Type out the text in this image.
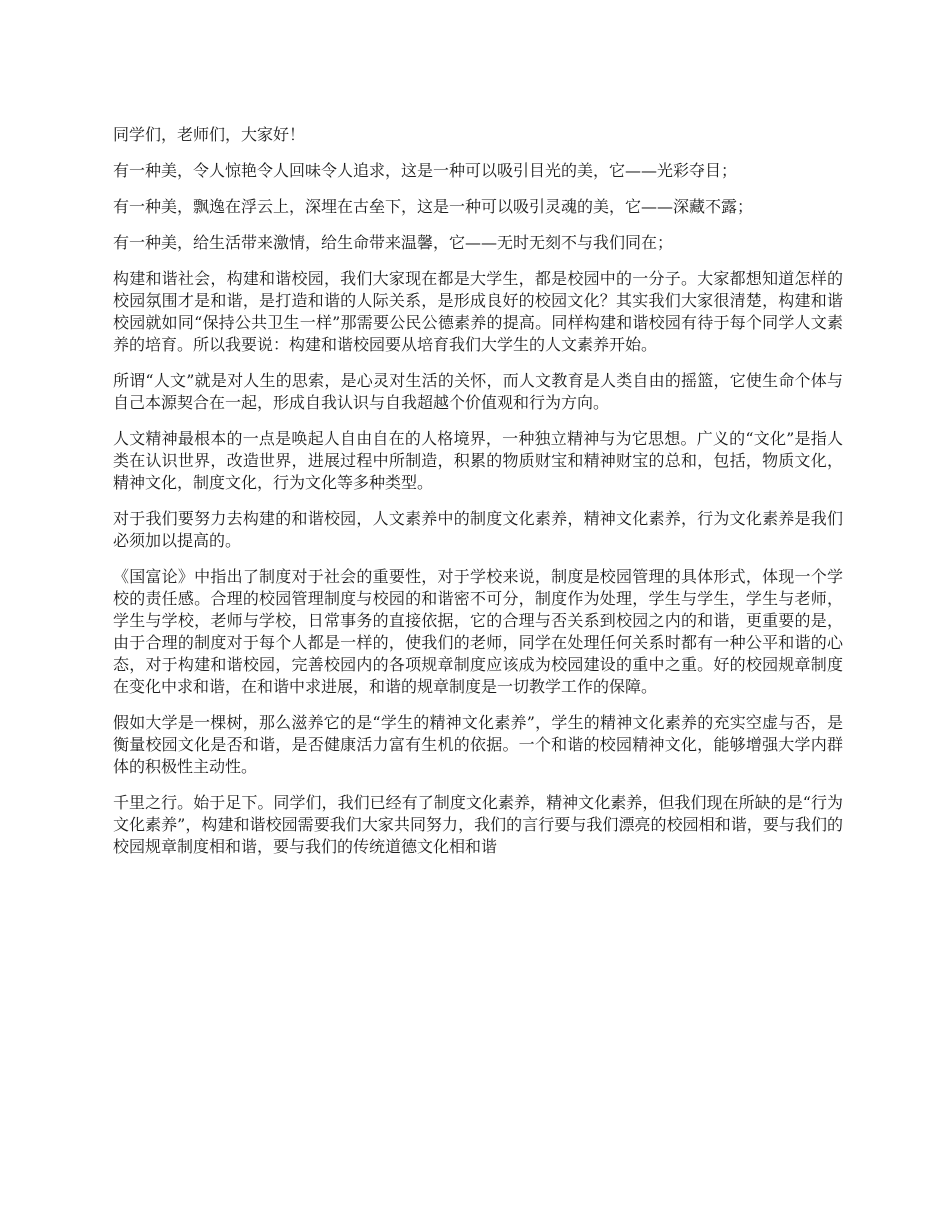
同学们，老师们，大家好！

有一种美，令人惊艳令人回味令人追求，这是一种可以吸引目光的美，它——光彩夺目；

有一种美，飘逸在浮云上，深埋在古垒下，这是一种可以吸引灵魂的美，它——深藏不露；

有一种美，给生活带来激情，给生命带来温馨，它——无时无刻不与我们同在；

构建和谐社会，构建和谐校园，我们大家现在都是大学生，都是校园中的一分子。大家都想知道怎样的校园氛围才是和谐，是打造和谐的人际关系，是形成良好的校园文化？其实我们大家很清楚，构建和谐校园就如同“保持公共卫生一样”那需要公民公德素养的提高。同样构建和谐校园有待于每个同学人文素养的培育。所以我要说：构建和谐校园要从培育我们大学生的人文素养开始。

所谓“人文”就是对人生的思索，是心灵对生活的关怀，而人文教育是人类自由的摇篮，它使生命个体与自己本源契合在一起，形成自我认识与自我超越个价值观和行为方向。

人文精神最根本的一点是唤起人自由自在的人格境界，一种独立精神与为它思想。广义的“文化”是指人类在认识世界，改造世界，进展过程中所制造，积累的物质财宝和精神财宝的总和，包括，物质文化，精神文化，制度文化，行为文化等多种类型。

对于我们要努力去构建的和谐校园，人文素养中的制度文化素养，精神文化素养，行为文化素养是我们必须加以提高的。

《国富论》中指出了制度对于社会的重要性，对于学校来说，制度是校园管理的具体形式，体现一个学校的责任感。合理的校园管理制度与校园的和谐密不可分，制度作为处理，学生与学生，学生与老师，学生与学校，老师与学校，日常事务的直接依据，它的合理与否关系到校园之内的和谐，更重要的是，由于合理的制度对于每个人都是一样的，使我们的老师，同学在处理任何关系时都有一种公平和谐的心态，对于构建和谐校园，完善校园内的各项规章制度应该成为校园建设的重中之重。好的校园规章制度在变化中求和谐，在和谐中求进展，和谐的规章制度是一切教学工作的保障。

假如大学是一棵树，那么滋养它的是“学生的精神文化素养”，学生的精神文化素养的充实空虚与否，是衡量校园文化是否和谐，是否健康活力富有生机的依据。一个和谐的校园精神文化，能够增强大学内群体的积极性主动性。

千里之行。始于足下。同学们，我们已经有了制度文化素养，精神文化素养，但我们现在所缺的是“行为文化素养”，构建和谐校园需要我们大家共同努力，我们的言行要与我们漂亮的校园相和谐，要与我们的校园规章制度相和谐，要与我们的传统道德文化相和谐
